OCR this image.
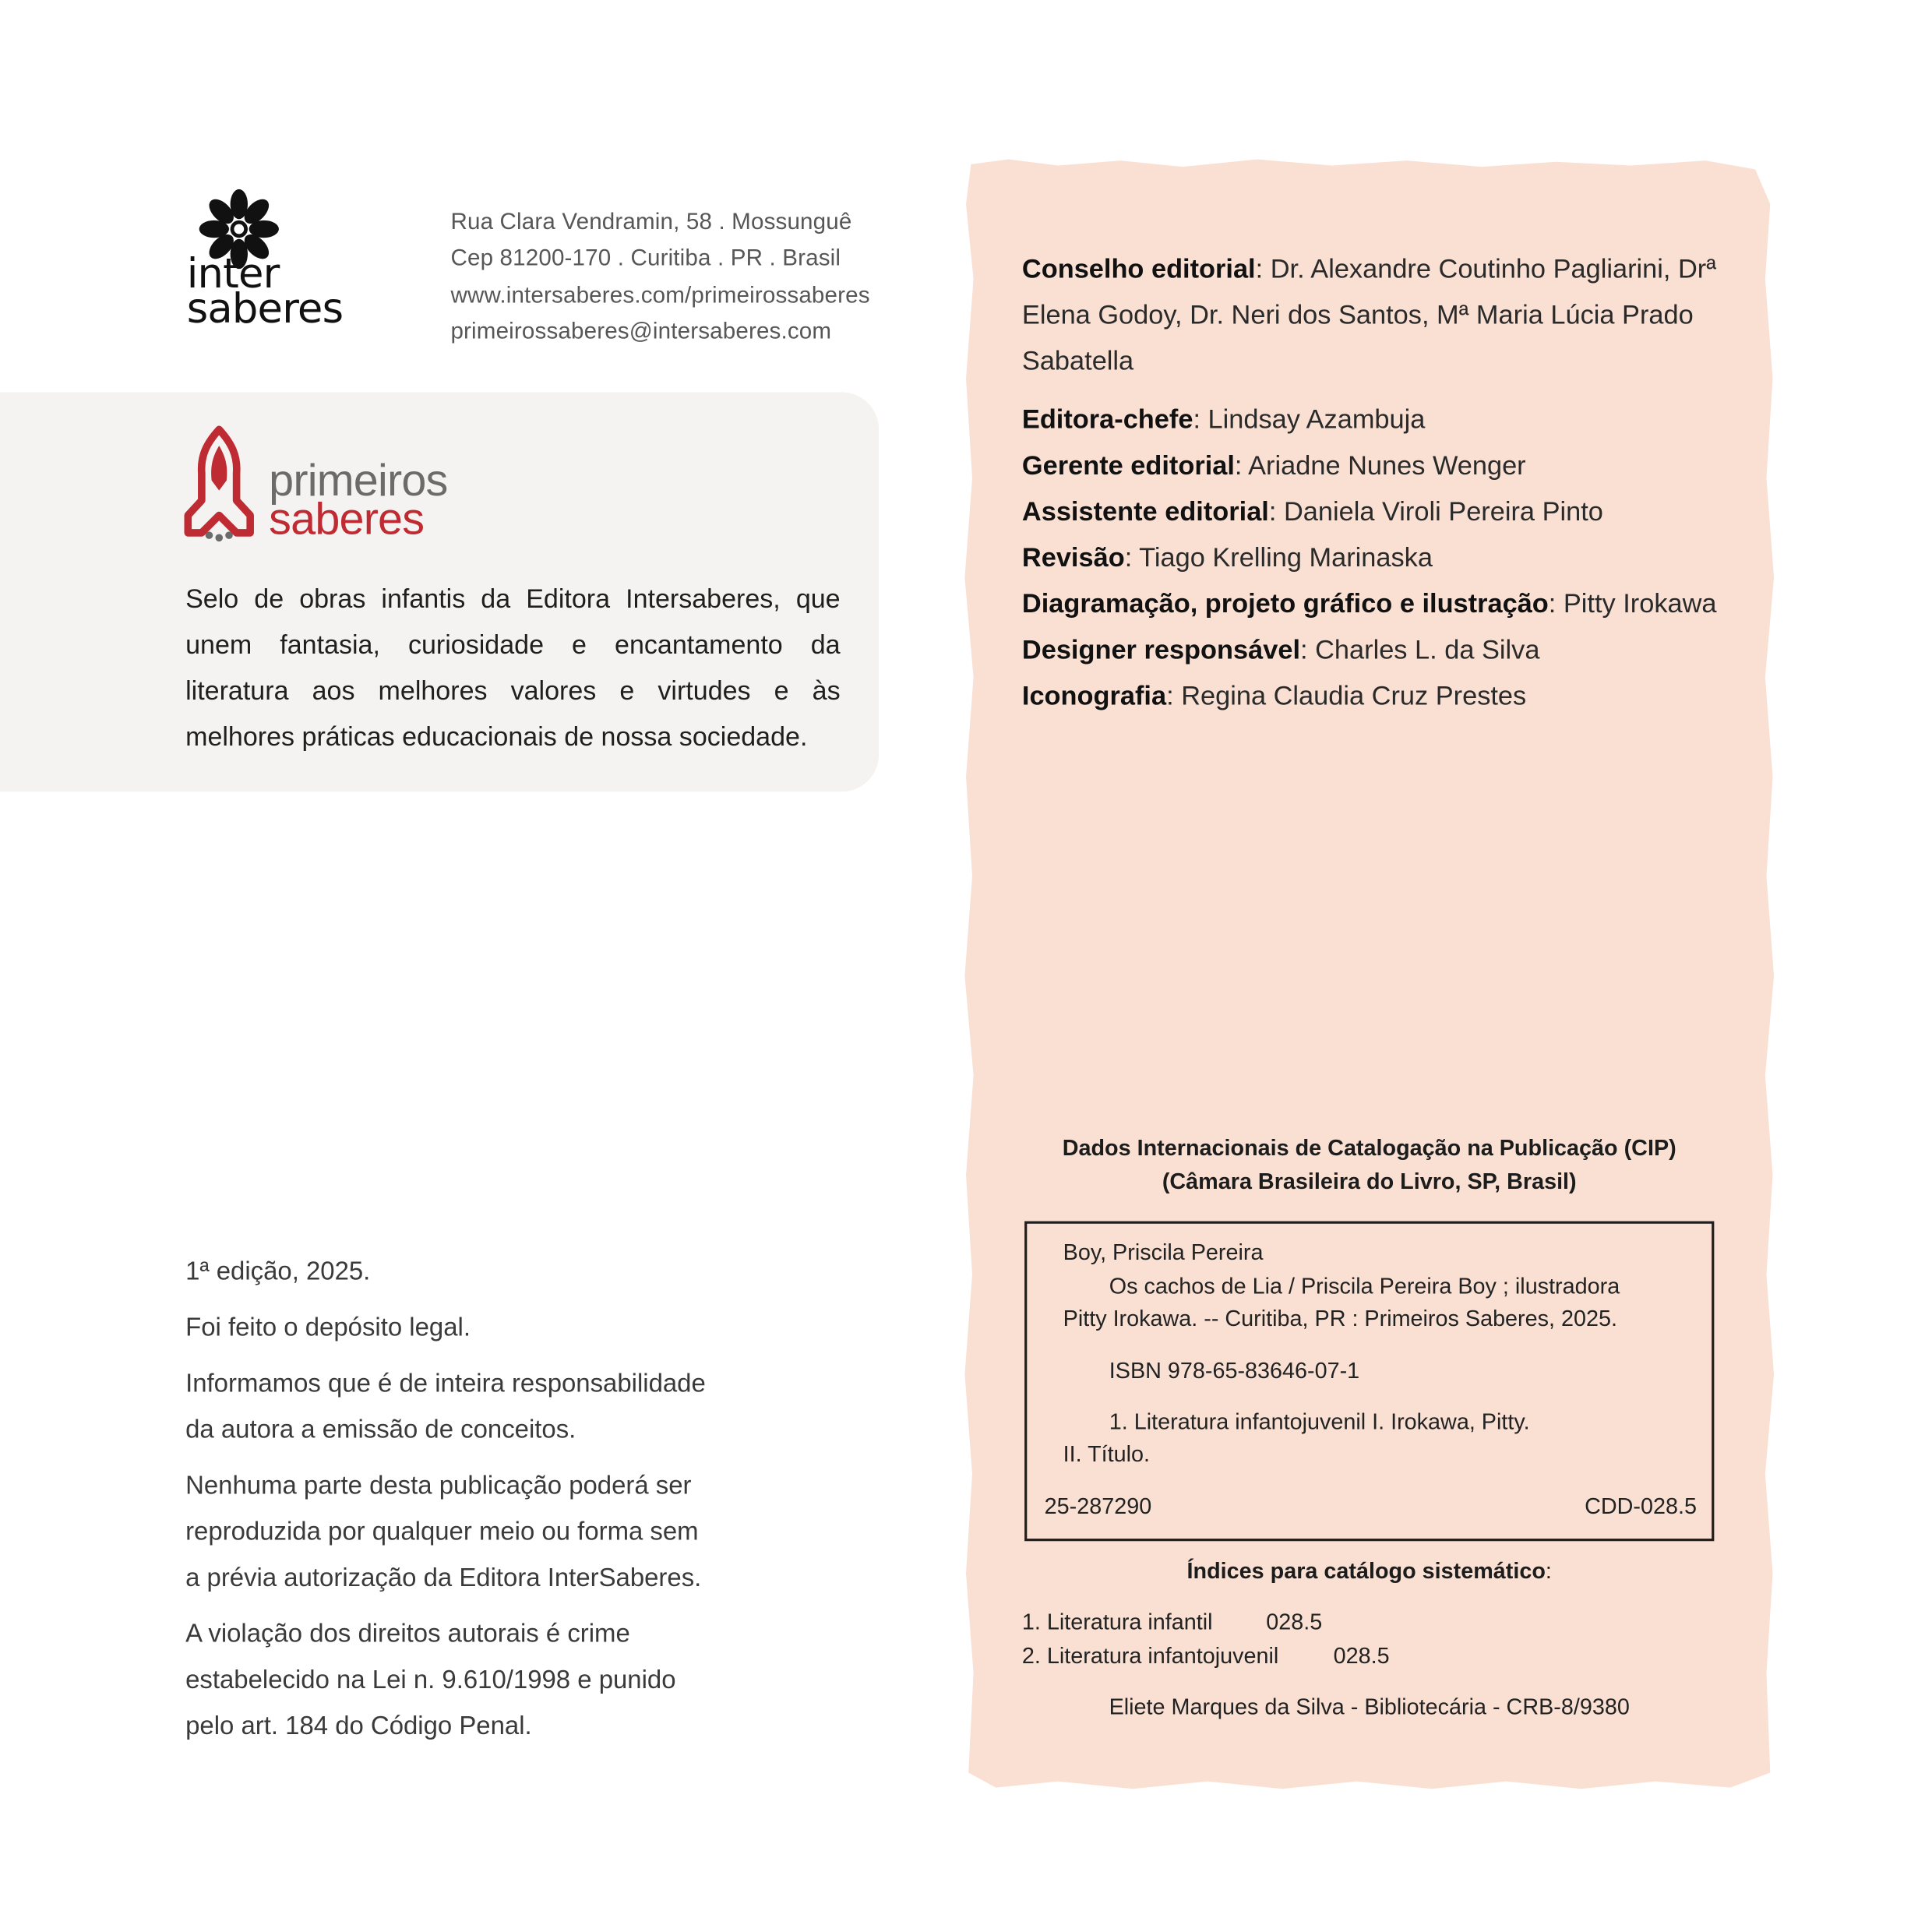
inter
saberes
Rua Clara Vendramin, 58 . Mossunguê
Cep 81200-170 . Curitiba . PR . Brasil
www.intersaberes.com/primeirossaberes
primeirossaberes@intersaberes.com
primeiros
saberes
Selo de obras infantis da Editora Intersaberes, que unem fantasia, curiosidade e encantamento da literatura aos melhores valores e virtudes e às melhores práticas educacionais de nossa sociedade.

1ª edição, 2025.

Foi feito o depósito legal.

Informamos que é de inteira responsabilidade
da autora a emissão de conceitos.

Nenhuma parte desta publicação poderá ser
reproduzida por qualquer meio ou forma sem
a prévia autorização da Editora InterSaberes.

A violação dos direitos autorais é crime
estabelecido na Lei n. 9.610/1998 e punido
pelo art. 184 do Código Penal.

Conselho editorial: Dr. Alexandre Coutinho Pagliarini, Drª Elena Godoy, Dr. Neri dos Santos, Mª Maria Lúcia Prado Sabatella
Editora-chefe: Lindsay Azambuja
Gerente editorial: Ariadne Nunes Wenger
Assistente editorial: Daniela Viroli Pereira Pinto
Revisão: Tiago Krelling Marinaska
Diagramação, projeto gráfico e ilustração: Pitty Irokawa
Designer responsável: Charles L. da Silva
Iconografia: Regina Claudia Cruz Prestes
Dados Internacionais de Catalogação na Publicação (CIP)
(Câmara Brasileira do Livro, SP, Brasil)
Boy, Priscila Pereira
Os cachos de Lia / Priscila Pereira Boy ; ilustradora
Pitty Irokawa. -- Curitiba, PR : Primeiros Saberes, 2025.
ISBN 978-65-83646-07-1
1. Literatura infantojuvenil I. Irokawa, Pitty.
II. Título.
25-287290	CDD-028.5
Índices para catálogo sistemático:
1. Literatura infantil	028.5
2. Literatura infantojuvenil	028.5
Eliete Marques da Silva - Bibliotecária - CRB-8/9380
